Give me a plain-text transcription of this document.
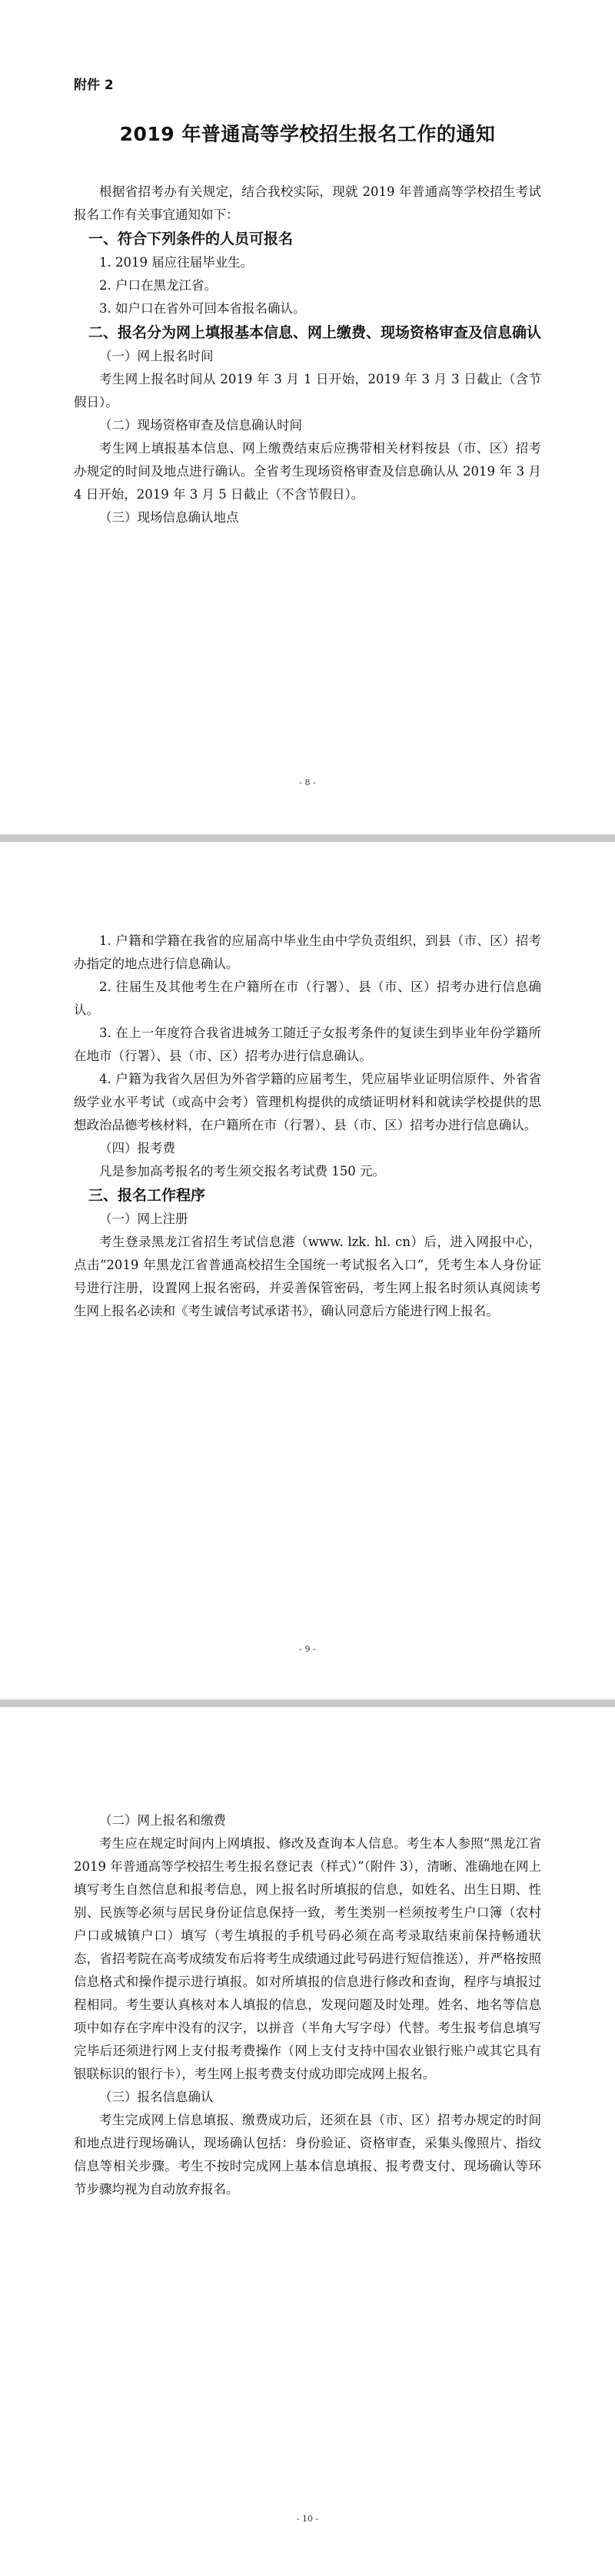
附件 2
2019 年普通高等学校招生报名工作的通知

根据省招考办有关规定，结合我校实际，现就 2019 年普通高等学校招生考试报名工作有关事宜通知如下：

一、符合下列条件的人员可报名

1. 2019 届应往届毕业生。

2. 户口在黑龙江省。

3. 如户口在省外可回本省报名确认。

二、报名分为网上填报基本信息、网上缴费、现场资格审查及信息确认

（一）网上报名时间

考生网上报名时间从 2019 年 3 月 1 日开始，2019 年 3 月 3 日截止（含节假日）。

（二）现场资格审查及信息确认时间

考生网上填报基本信息、网上缴费结束后应携带相关材料按县（市、区）招考办规定的时间及地点进行确认。全省考生现场资格审查及信息确认从 2019 年 3 月 4 日开始，2019 年 3 月 5 日截止（不含节假日）。

（三）现场信息确认地点

- 8 -

1. 户籍和学籍在我省的应届高中毕业生由中学负责组织，到县（市、区）招考办指定的地点进行信息确认。

2. 往届生及其他考生在户籍所在市（行署）、县（市、区）招考办进行信息确认。

3. 在上一年度符合我省进城务工随迁子女报考条件的复读生到毕业年份学籍所在地市（行署）、县（市、区）招考办进行信息确认。

4. 户籍为我省久居但为外省学籍的应届考生，凭应届毕业证明信原件、外省省级学业水平考试（或高中会考）管理机构提供的成绩证明材料和就读学校提供的思想政治品德考核材料，在户籍所在市（行署）、县（市、区）招考办进行信息确认。

（四）报考费

凡是参加高考报名的考生须交报名考试费 150 元。

三、报名工作程序

（一）网上注册

考生登录黑龙江省招生考试信息港（www. lzk. hl. cn）后，进入网报中心，点击“2019 年黑龙江省普通高校招生全国统一考试报名入口”，凭考生本人身份证号进行注册，设置网上报名密码，并妥善保管密码，考生网上报名时须认真阅读考生网上报名必读和《考生诚信考试承诺书》，确认同意后方能进行网上报名。

- 9 -

（二）网上报名和缴费

考生应在规定时间内上网填报、修改及查询本人信息。考生本人参照“黑龙江省 2019 年普通高等学校招生考生报名登记表（样式）”（附件 3），清晰、准确地在网上填写考生自然信息和报考信息，网上报名时所填报的信息，如姓名、出生日期、性别、民族等必须与居民身份证信息保持一致，考生类别一栏须按考生户口簿（农村户口或城镇户口）填写（考生填报的手机号码必须在高考录取结束前保持畅通状态，省招考院在高考成绩发布后将考生成绩通过此号码进行短信推送），并严格按照信息格式和操作提示进行填报。如对所填报的信息进行修改和查询，程序与填报过程相同。考生要认真核对本人填报的信息，发现问题及时处理。姓名、地名等信息项中如存在字库中没有的汉字，以拼音（半角大写字母）代替。考生报考信息填写完毕后还须进行网上支付报考费操作（网上支付支持中国农业银行账户或其它具有银联标识的银行卡），考生网上报考费支付成功即完成网上报名。

（三）报名信息确认

考生完成网上信息填报、缴费成功后，还须在县（市、区）招考办规定的时间和地点进行现场确认，现场确认包括：身份验证、资格审查，采集头像照片、指纹信息等相关步骤。考生不按时完成网上基本信息填报、报考费支付、现场确认等环节步骤均视为自动放弃报名。

- 10 -
